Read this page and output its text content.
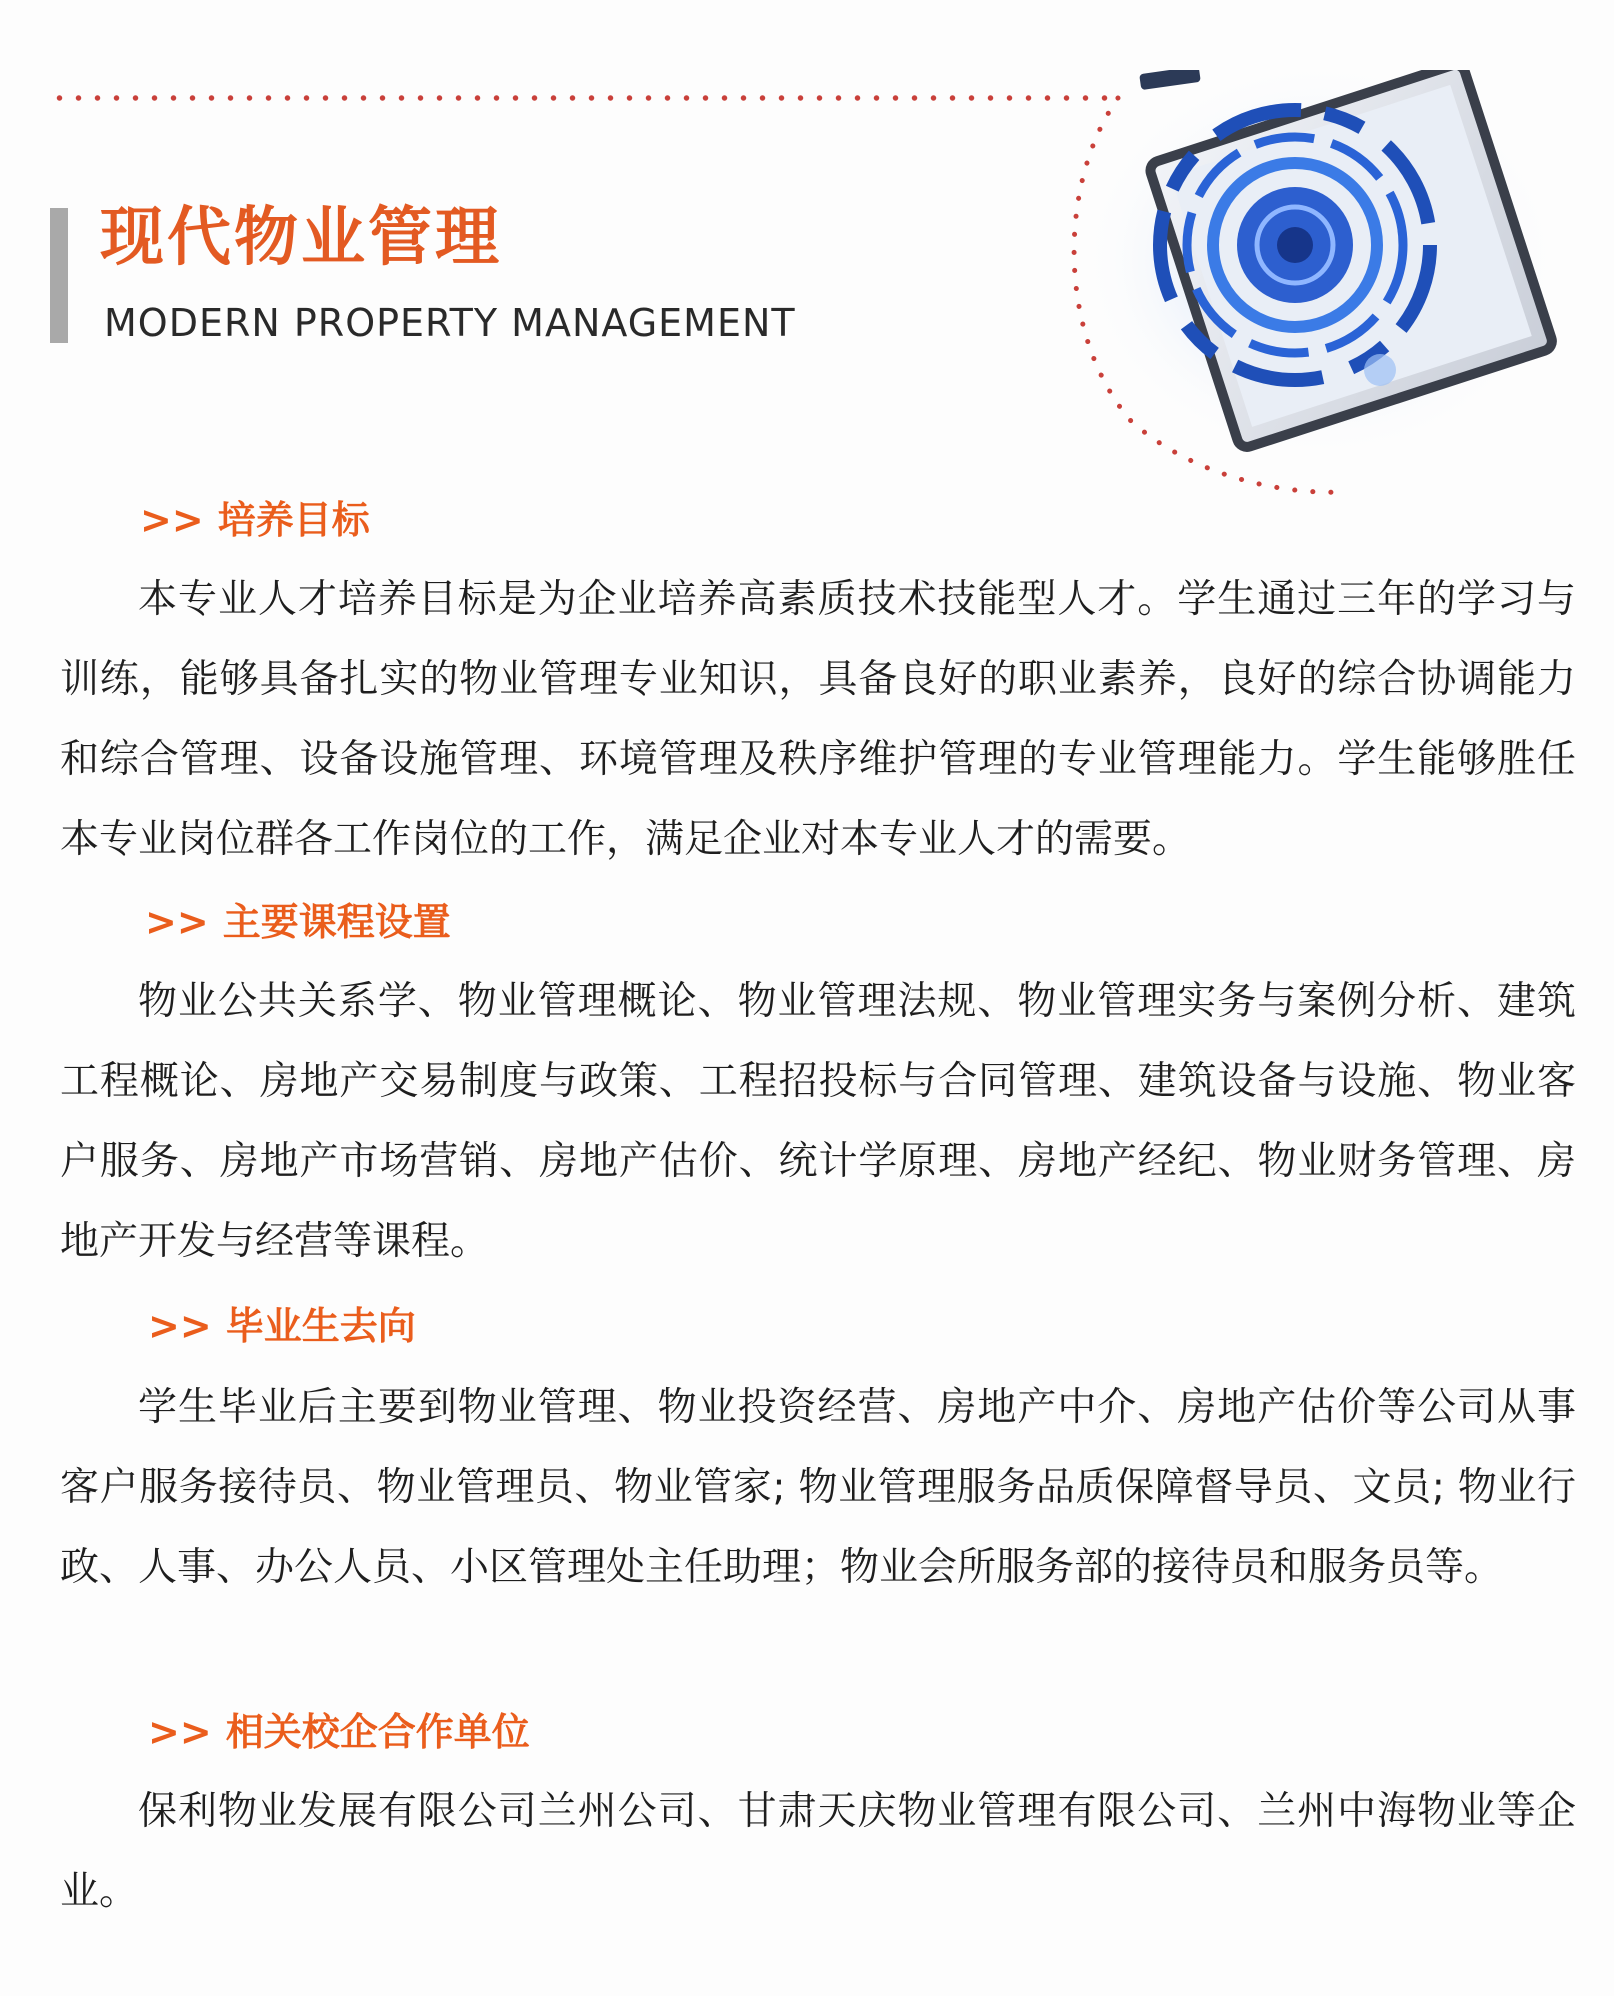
现代物业管理
MODERN PROPERTY MANAGEMENT
>> 培养目标

本专业人才培养目标是为企业培养高素质技术技能型人才。学生通过三年的学习与训练，能够具备扎实的物业管理专业知识，具备良好的职业素养，良好的综合协调能力和综合管理、设备设施管理、环境管理及秩序维护管理的专业管理能力。学生能够胜任本专业岗位群各工作岗位的工作，满足企业对本专业人才的需要。

>> 主要课程设置

物业公共关系学、物业管理概论、物业管理法规、物业管理实务与案例分析、建筑工程概论、房地产交易制度与政策、工程招投标与合同管理、建筑设备与设施、物业客户服务、房地产市场营销、房地产估价、统计学原理、房地产经纪、物业财务管理、房地产开发与经营等课程。

>> 毕业生去向

学生毕业后主要到物业管理、物业投资经营、房地产中介、房地产估价等公司从事客户服务接待员、物业管理员、物业管家; 物业管理服务品质保障督导员、文员; 物业行政、人事、办公人员、小区管理处主任助理；物业会所服务部的接待员和服务员等。

>> 相关校企合作单位

保利物业发展有限公司兰州公司、甘肃天庆物业管理有限公司、兰州中海物业等企业。
